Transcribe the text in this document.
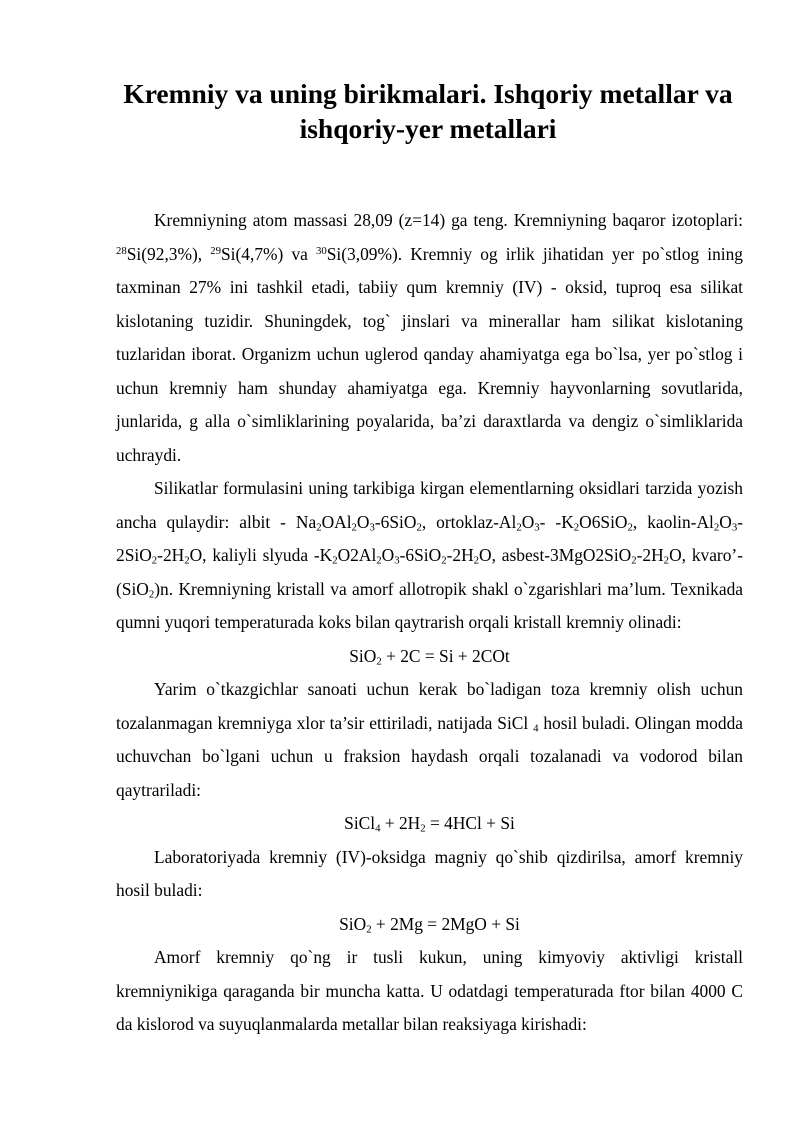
Kremniy va uning birikmalari. Ishqoriy metallar va ishqoriy-yer metallari

Kremniyning atom massasi 28,09 (z=14) ga teng. Kremniyning baqaror izotoplari: $^{28}$Si(92,3%), $^{29}$Si(4,7%) va $^{30}$Si(3,09%). Kremniy og irlik jihatidan yer po`stlog ining taxminan 27% ini tashkil etadi, tabiiy qum kremniy (IV) - oksid, tuproq esa silikat kislotaning tuzidir. Shuningdek, tog` jinslari va minerallar ham silikat kislotaning tuzlaridan iborat. Organizm uchun uglerod qanday ahamiyatga ega bo`lsa, yer po`stlog i uchun kremniy ham shunday ahamiyatga ega. Kremniy hayvonlarning sovutlarida, junlarida, g alla o`simliklarining poyalarida, ba’zi daraxtlarda va dengiz o`simliklarida uchraydi.

Silikatlar formulasini uning tarkibiga kirgan elementlarning oksidlari tarzida yozish ancha qulaydir: albit - $Na_2OAl_2O_3-6SiO_2$, ortoklaz-$Al_2O_3-$ $-K_2O6SiO_2$, kaolin-$Al_2O_3-2SiO_2-2H_2O$, kaliyli slyuda $-K_2O2Al_2O_3-6SiO_2-2H_2O$, asbest-$3MgO2SiO_2-2H_2O$, kvaro’-(SiO$_2$)n. Kremniyning kristall va amorf allotropik shakl o`zgarishlari ma’lum. Texnikada qumni yuqori temperaturada koks bilan qaytrarish orqali kristall kremniy olinadi:

SiO$_2$ + 2C = Si + 2COt

Yarim o`tkazgichlar sanoati uchun kerak bo`ladigan toza kremniy olish uchun tozalanmagan kremniyga xlor ta’sir ettiriladi, natijada SiCl $_4$ hosil buladi. Olingan modda uchuvchan bo`lgani uchun u fraksion haydash orqali tozalanadi va vodorod bilan qaytrariladi:

SiCl$_4$ + $2H_2 = 4HCl + Si$

Laboratoriyada kremniy (IV)-oksidga magniy qo`shib qizdirilsa, amorf kremniy hosil buladi:

SiO$_2$ + 2Mg = 2MgO + Si

Amorf kremniy qo`ng ir tusli kukun, uning kimyoviy aktivligi kristall kremniynikiga qaraganda bir muncha katta. U odatdagi temperaturada ftor bilan 4000 C da kislorod va suyuqlanmalarda metallar bilan reaksiyaga kirishadi:
